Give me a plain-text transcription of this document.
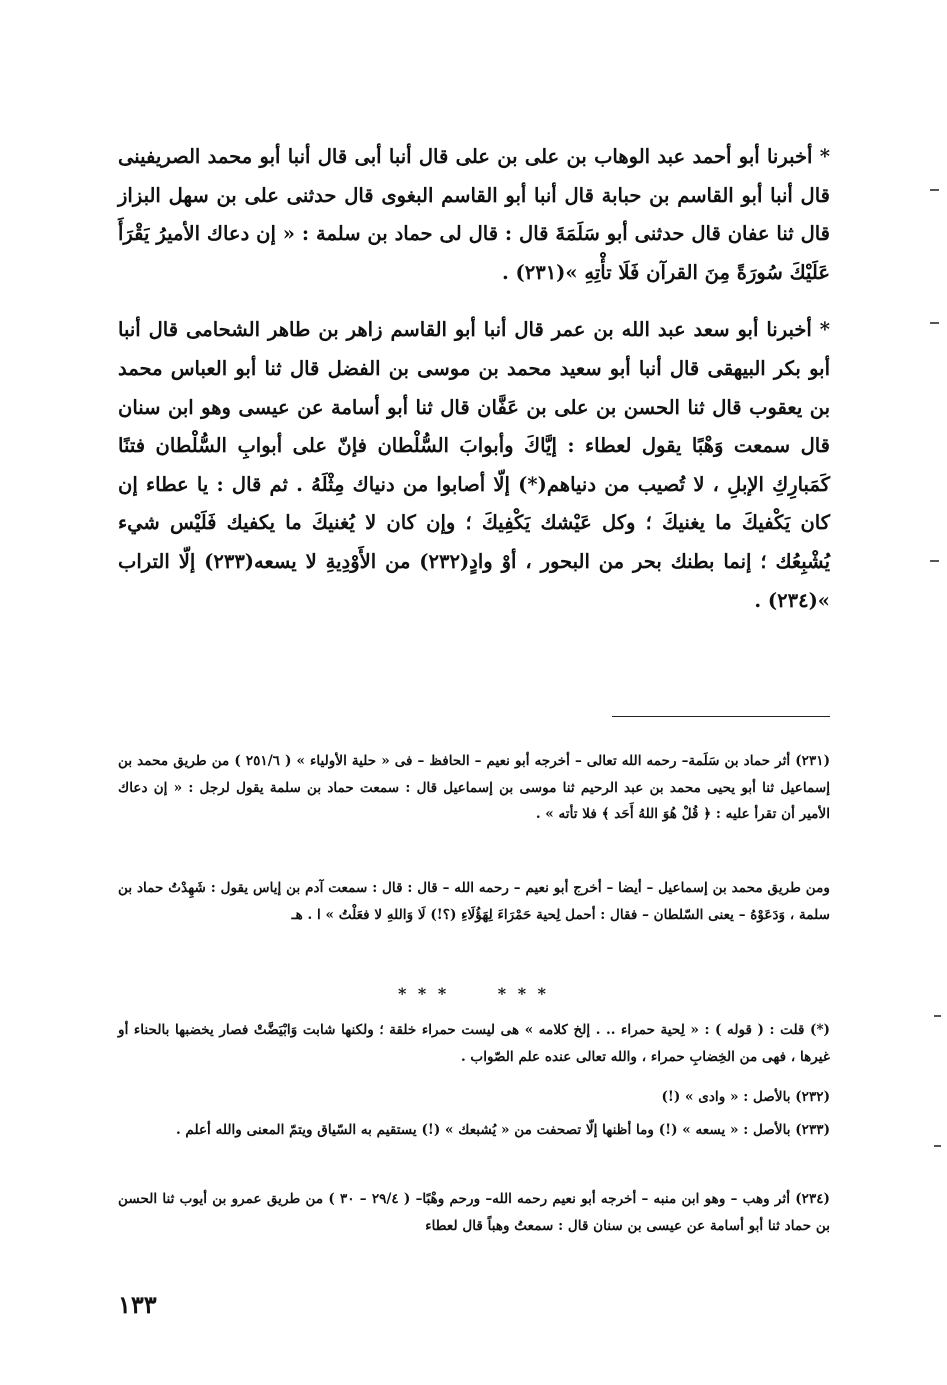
* أخبرنا أبو أحمد عبد الوهاب بن على بن على قال أنبا أبى قال أنبا أبو محمد الصريفينى قال أنبا أبو القاسم بن حبابة قال أنبا أبو القاسم البغوى قال حدثنى على بن سهل البزاز قال ثنا عفان قال حدثنى أبو سَلَمَةَ قال : قال لى حماد بن سلمة : « إن دعاك الأميرُ يَقْرَأَ عَلَيْكَ سُورَةً مِنَ القرآن فَلَا تأْتِهِ »(٢٣١) .

* أخبرنا أبو سعد عبد الله بن عمر قال أنبا أبو القاسم زاهر بن طاهر الشحامى قال أنبا أبو بكر البيهقى قال أنبا أبو سعيد محمد بن موسى بن الفضل قال ثنا أبو العباس محمد بن يعقوب قال ثنا الحسن بن على بن عَفَّان قال ثنا أبو أسامة عن عيسى وهو ابن سنان قال سمعت وَهْبًا يقول لعطاء : إيَّاكَ وأبوابَ السُّلْطان فإنّ على أبوابِ السُّلْطان فتنًا كَمَبارِكِ الإبلِ ، لا تُصيب من دنياهم(*) إلّا أصابوا من دنياك مِثْلَهُ . ثم قال : يا عطاء إن كان يَكْفيكَ ما يغنيكَ ؛ وكل عَيْشك يَكْفِيكَ ؛ وإن كان لا يُغنيكَ ما يكفيك فَلَيْس شيء يُشْبِعُك ؛ إنما بطنك بحر من البحور ، أوْ وادٍ(٢٣٢) من الأَوْدِيةِ لا يسعه(٢٣٣) إلّا التراب »(٢٣٤) .

(٢٣١) أثر حماد بن سَلَمة– رحمه الله تعالى – أخرجه أبو نعيم – الحافظ – فى « حلية الأولياء » ( ٢٥١/٦ ) من طريق محمد بن إسماعيل ثنا أبو يحيى محمد بن عبد الرحيم ثنا موسى بن إسماعيل قال : سمعت حماد بن سلمة يقول لرجل : « إن دعاك الأمير أن تقرأ عليه : ﴿ قُلْ هُوَ اللهُ أَحَد ﴾ فلا تأته » .

ومن طريق محمد بن إسماعيل – أيضا – أخرج أبو نعيم – رحمه الله – قال : قال : سمعت آدم بن إياس يقول : شَهِدْتُ حماد بن سلمة ، وَدَعَوْهُ – يعنى السّلطان – فقال : أحمل لِحية حَمْرَاءَ لِهَؤُلَاءِ (؟!) لَا وَاللهِ لا فعَلْتُ » ا . هـ

* * *	* * *

(*) قلت : ( قوله ) : « لِحية حمراء .. . إلخ كلامه » هى ليست حمراء خلقة ؛ ولكنها شابت وَابْيَضَّتْ فصار يخضبها بالحناء أو غيرها ، فهى من الخِضابِ حمراء ، والله تعالى عنده علم الصّواب .

(٢٣٢) بالأصل : « وادى » (!)

(٢٣٣) بالأصل : « يسعه » (!) وما أظنها إلّا تصحفت من « يُشبعك » (!) يستقيم به السّياق ويتمّ المعنى والله أعلم .

(٢٣٤) أثر وهب – وهو ابن منبه – أخرجه أبو نعيم رحمه الله– ورحم وهْبًا– ( ٢٩/٤ – ٣٠ ) من طريق عمرو بن أيوب ثنا الحسن بن حماد ثنا أبو أسامة عن عيسى بن سنان قال : سمعتُ وهباً قال لعطاء

١٣٣
